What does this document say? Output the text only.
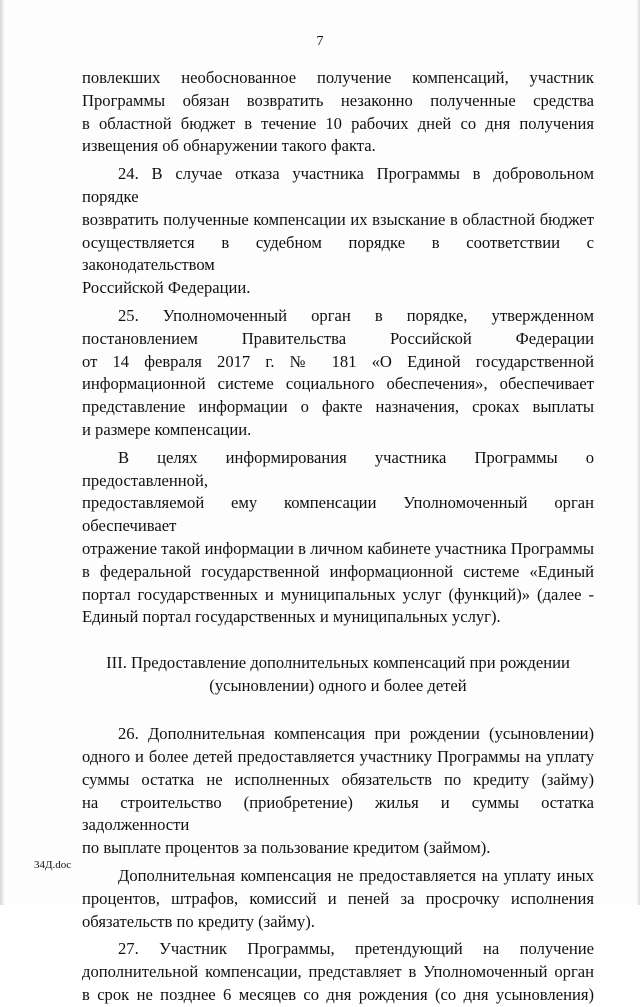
7

повлекших необоснованное получение компенсаций, участник

Программы обязан возвратить незаконно полученные средства

в областной бюджет в течение 10 рабочих дней со дня получения

извещения об обнаружении такого факта.

24. В случае отказа участника Программы в добровольном порядке

возвратить полученные компенсации их взыскание в областной бюджет

осуществляется в судебном порядке в соответствии с законодательством

Российской Федерации.

25. Уполномоченный орган в порядке, утвержденном

постановлением Правительства Российской Федерации

от 14 февраля 2017 г. № 181 «О Единой государственной

информационной системе социального обеспечения», обеспечивает

представление информации о факте назначения, сроках выплаты

и размере компенсации.

В целях информирования участника Программы о предоставленной,

предоставляемой ему компенсации Уполномоченный орган обеспечивает

отражение такой информации в личном кабинете участника Программы

в федеральной государственной информационной системе «Единый

портал государственных и муниципальных услуг (функций)» (далее -

Единый портал государственных и муниципальных услуг).

III. Предоставление дополнительных компенсаций при рождении
(усыновлении) одного и более детей

26. Дополнительная компенсация при рождении (усыновлении)

одного и более детей предоставляется участнику Программы на уплату

суммы остатка не исполненных обязательств по кредиту (займу)

на строительство (приобретение) жилья и суммы остатка задолженности

по выплате процентов за пользование кредитом (займом).

Дополнительная компенсация не предоставляется на уплату иных

процентов, штрафов, комиссий и пеней за просрочку исполнения

обязательств по кредиту (займу).

27. Участник Программы, претендующий на получение

дополнительной компенсации, представляет в Уполномоченный орган

в срок не позднее 6 месяцев со дня рождения (со дня усыновления)

34Д.doc
